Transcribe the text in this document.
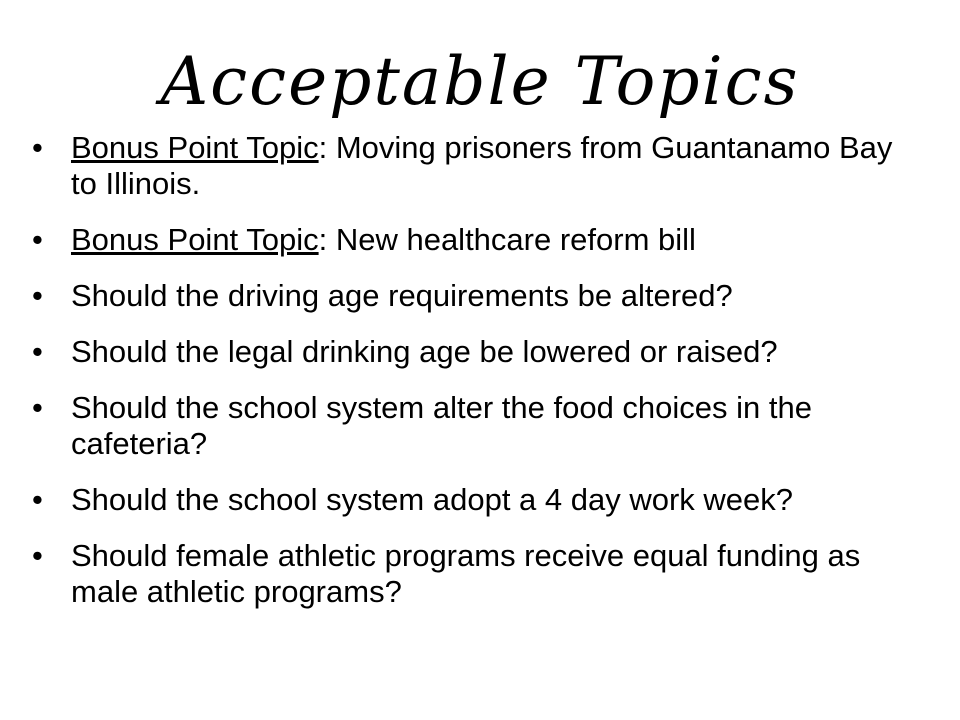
Acceptable Topics
• Bonus Point Topic: Moving prisoners from Guantanamo Bay to Illinois.
• Bonus Point Topic: New healthcare reform bill
• Should the driving age requirements be altered?
• Should the legal drinking age be lowered or raised?
• Should the school system alter the food choices in the cafeteria?
• Should the school system adopt a 4 day work week?
• Should female athletic programs receive equal funding as male athletic programs?
